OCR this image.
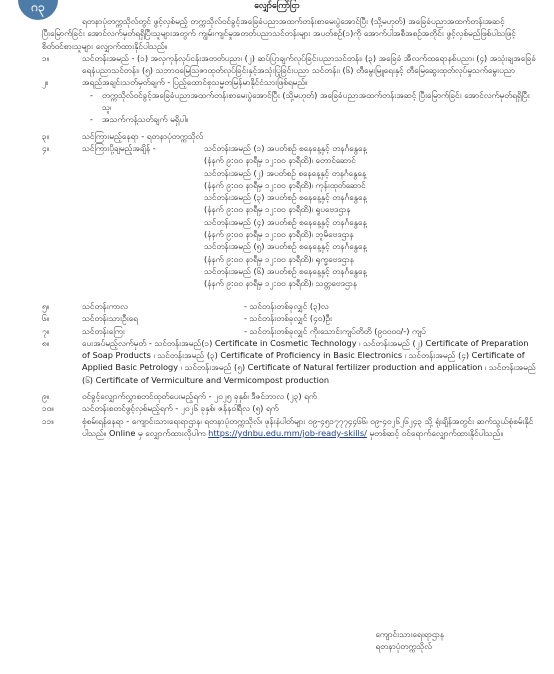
ဂ၃	လျှော်ကြော်ငြာ

ရတနာပုံတက္ကသိုလ်တွင် ဖွင့်လှစ်မည့် တက္ကသိုလ်ဝင်ခွင့်အခြေခံပညာအထက်တန်းစာမေးပွဲအောင်ပြီး (သို့မဟုတ်) အခြေခံပညာအထက်တန်းအဆင့် ပြီးမြောက်ခြင်း အောင်လက်မှတ်ရရှိပြီးသူများအတွက် ကျွမ်းကျင်မှုအတတ်ပညာသင်တန်းများ အပတ်စဉ်(၁)ကို အောက်ပါအစီအစဉ်အတိုင်း ဖွင့်လှစ်မည်ဖြစ်ပါသဖြင့် စိတ်ဝင်စားသူများ လျှောက်ထားနိုင်ပါသည်။

၁။	သင်တန်းအမည် - (၁) အလှကုန်လုပ်ငန်းအတတ်ပညာ၊ (၂) ဆပ်ပြာချက်လုပ်ခြင်းပညာသင်တန်း၊ (၃) အခြေခံ အီလက်ထရောနစ်ပညာ၊ (၄) အသုံးချအခြေခံရေနံပညာသင်တန်း၊ (၅) သဘာဝမြေသြဇာထုတ်လုပ်ခြင်းနှင့်အသုံးပြုခြင်းပညာ သင်တန်း၊ (၆) တီမွေးမြူရေးနှင့် တီမြေဆွေးထုတ်လုပ်မှုသက်မွေးပညာ
၂။	အရည်အချင်းသတ်မှတ်ချက် - ပြည့်ထောင်စုသမ္မတမြန်မာနိုင်ငံသားဖြစ်ရမည်။
-	တက္ကသိုလ်ဝင်ခွင့်အခြေခံပညာအထက်တန်းစာမေးပွဲအောင်ပြီး (သို့မဟုတ်) အခြေခံပညာအထက်တန်းအဆင့် ပြီးမြောက်ခြင်း အောင်လက်မှတ်ရရှိပြီးသူ၊
-	အသက်ကန့်သတ်ချက် မရှိပါ။
၃။	သင်ကြားမည့်နေရာ - ရတနာပုံတက္ကသိုလ်
၄။	သင်ကြားပို့ချမည့်အချိန် -	သင်တန်းအမည် (၁) အပတ်စဉ် စနေနေ့နှင့် တနင်္ဂနွေနေ့
(နံနက် ၉:၀၀ နာရီမှ ၁၂:၀၀ နာရီထိ)၊ တောင်ဆောင်
သင်တန်းအမည် (၂) အပတ်စဉ် စနေနေ့နှင့် တနင်္ဂနွေနေ့
(နံနက် ၉:၀၀ နာရီမှ ၁၂:၀၀ နာရီထိ)၊ ကုန်းထုတ်ဆောင်
သင်တန်းအမည် (၃) အပတ်စဉ် စနေနေ့နှင့် တနင်္ဂနွေနေ့
(နံနက် ၉:၀၀ နာရီမှ ၁၂:၀၀ နာရီထိ)၊ ရူပဗေဒဌာန
သင်တန်းအမည် (၄) အပတ်စဉ် စနေနေ့နှင့် တနင်္ဂနွေနေ့
(နံနက် ၉:၀၀ နာရီမှ ၁၂:၀၀ နာရီထိ)၊ ဘူမိဗေဒဌာန
သင်တန်းအမည် (၅) အပတ်စဉ် စနေနေ့နှင့် တနင်္ဂနွေနေ့
(နံနက် ၉:၀၀ နာရီမှ ၁၂:၀၀ နာရီထိ)၊ ရုက္ခဗေဒဌာန
သင်တန်းအမည် (၆) အပတ်စဉ် စနေနေ့နှင့် တနင်္ဂနွေနေ့
(နံနက် ၉:၀၀ နာရီမှ ၁၂:၀၀ နာရီထိ)၊ သတ္တဗေဒဌာန
၅။	သင်တန်းကာလ	- သင်တန်းတစ်ခုလျှင် (၃)လ
၆။	သင်တန်းသားဦးရေ	- သင်တန်းတစ်ခုလျှင် (၄၀)ဦး
၇။	သင်တန်းကြေး	- သင်တန်းတစ်ခုလျှင် ကိုးသောင်းကျပ်တိတိ (၉၀၀၀၀/-) ကျပ်
၈။	ပေးအပ်မည့်လက်မှတ် - သင်တန်းအမည်(၁) Certificate in Cosmetic Technology ၊ သင်တန်းအမည် (၂) Certificate of Preparation of Soap Products ၊ သင်တန်းအမည် (၃) Certificate of Proficiency in Basic Electronics ၊ သင်တန်းအမည် (၄) Certificate of Applied Basic Petrology ၊ သင်တန်းအမည် (၅) Certificate of Natural fertilizer production and application ၊ သင်တန်းအမည် (၆) Certificate of Vermiculture and Vermicompost production
၉။	ဝင်ခွင့်လျှောက်လွှာစတင်ထုတ်ပေးမည့်ရက် - ၂၀၂၅ ခုနှစ်၊ ဒီဇင်ဘာလ (၂၃) ရက်
၁၀။	သင်တန်းစတင်ဖွင့်လှစ်မည့်ရက် - ၂၀၂၆ ခုနှစ်၊ ဇန်နဝါရီလ (၅) ရက်
၁၁။	စုံစမ်းရန်နေရာ - ကျောင်းသားရေးရာဌာန၊ ရတနာပုံတက္ကသိုလ်၊ ဖုန်းနံပါတ်များ ၀၉-၄၅၁၇၇၇၄၄၆၆၊ ၀၉-၄၀၂၆၂၆၂၄၃ သို့ ရုံးချိန်အတွင်း ဆက်သွယ်စုံစမ်းနိုင်ပါသည်။ Online မှ လျှောက်ထားလိုပါက https://ydnbu.edu.mm/job-ready-skills/ မှတစ်ဆင့် ဝင်ရောက်လျှောက်ထားနိုင်ပါသည်။
ကျောင်းသားရေးရာဌာန
ရတနာပုံတက္ကသိုလ်
